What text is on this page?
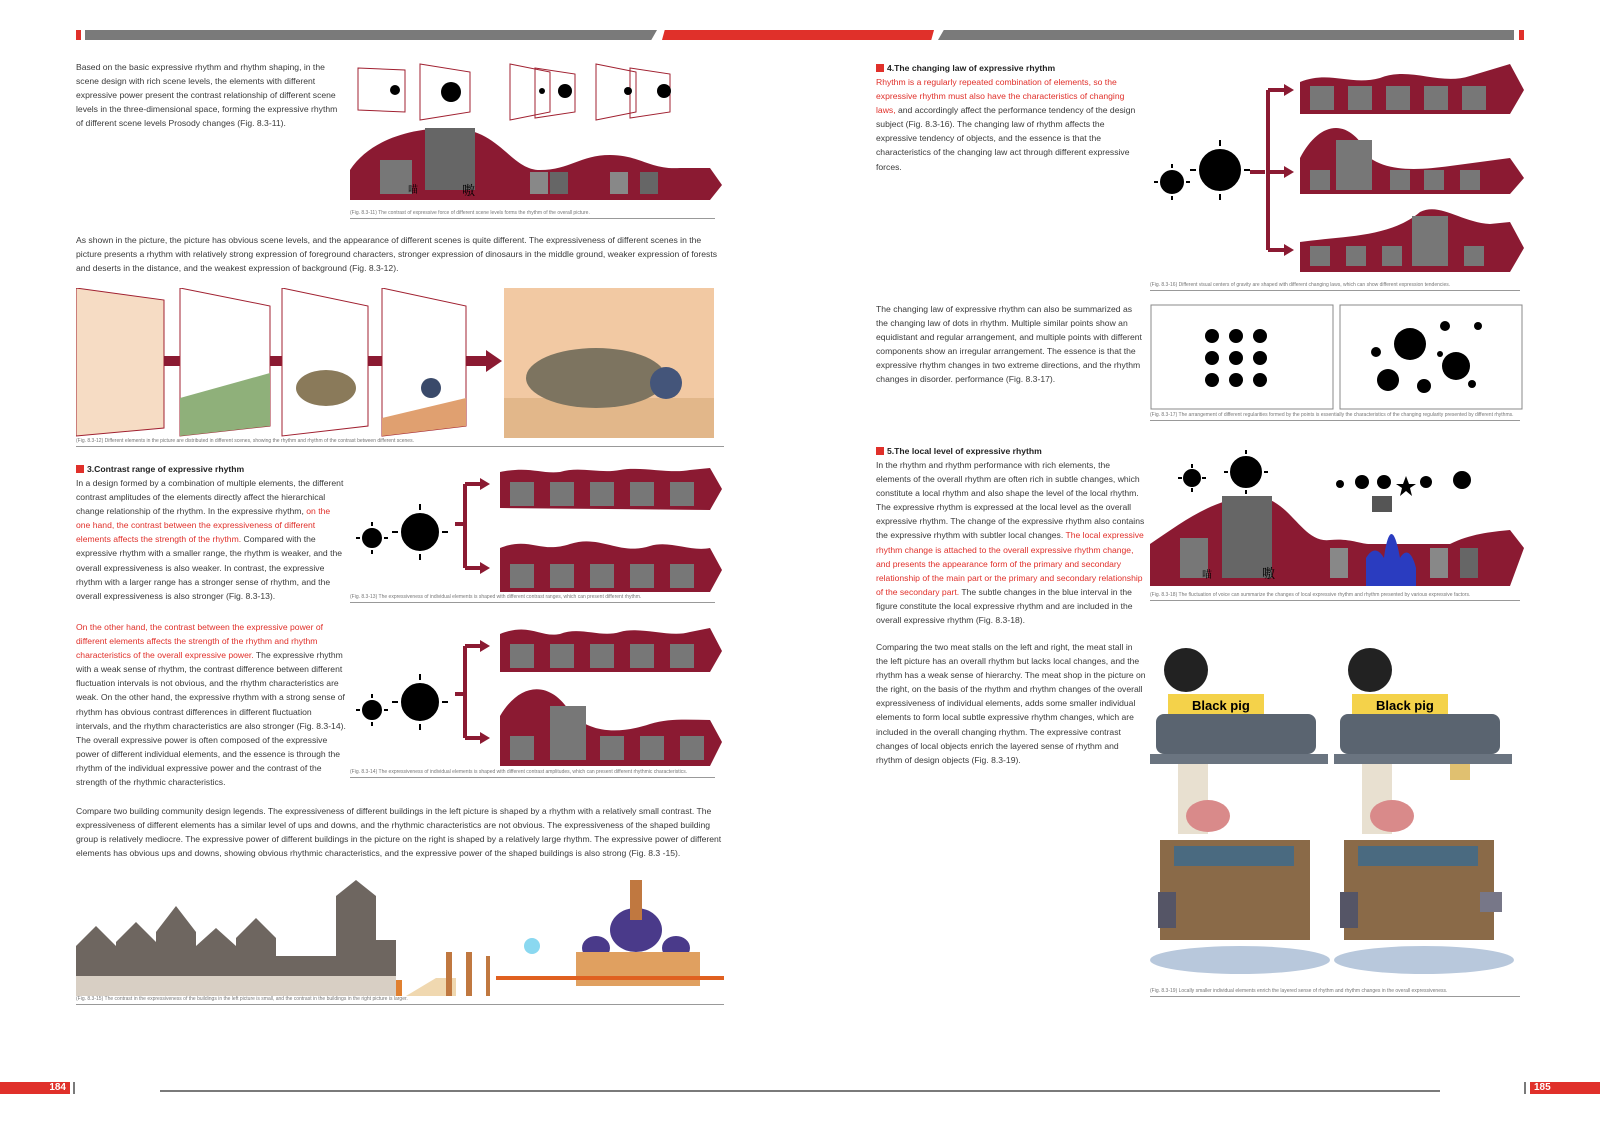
Based on the basic expressive rhythm and rhythm shaping, in the scene design with rich scene levels, the elements with different expressive power present the contrast relationship of different scene levels in the three-dimensional space, forming the expressive rhythm of different scene levels Prosody changes (Fig. 8.3-11).

喵	嗷
(Fig. 8.3-11) The contrast of expressive force of different scene levels forms the rhythm of the overall picture.

As shown in the picture, the picture has obvious scene levels, and the appearance of different scenes is quite different. The expressiveness of different scenes in the picture presents a rhythm with relatively strong expression of foreground characters, stronger expression of dinosaurs in the middle ground, weaker expression of forests and deserts in the distance, and the weakest expression of background (Fig. 8.3-12).

(Fig. 8.3-12) Different elements in the picture are distributed in different scenes, showing the rhythm and rhythm of the contrast between different scenes.
3.Contrast range of expressive rhythm

In a design formed by a combination of multiple elements, the different contrast amplitudes of the elements directly affect the hierarchical change relationship of the rhythm. In the expressive rhythm, on the one hand, the contrast between the expressiveness of different elements affects the strength of the rhythm. Compared with the expressive rhythm with a smaller range, the rhythm is weaker, and the overall expressiveness is also weaker. In contrast, the expressive rhythm with a larger range has a stronger sense of rhythm, and the overall expressiveness is also stronger (Fig. 8.3-13).	(Fig. 8.3-13) The expressiveness of individual elements is shaped with different contrast ranges, which can present different rhythm.

On the other hand, the contrast between the expressive power of different elements affects the strength of the rhythm and rhythm characteristics of the overall expressive power. The expressive rhythm with a weak sense of rhythm, the contrast difference between different fluctuation intervals is not obvious, and the rhythm characteristics are weak. On the other hand, the expressive rhythm with a strong sense of rhythm has obvious contrast differences in different fluctuation intervals, and the rhythm characteristics are also stronger (Fig. 8.3-14). The overall expressive power is often composed of the expressive power of different individual elements, and the essence is through the rhythm of the individual expressive power and the contrast of the strength of the rhythmic characteristics.

(Fig. 8.3-14) The expressiveness of individual elements is shaped with different contrast amplitudes, which can present different rhythmic characteristics.

Compare two building community design legends. The expressiveness of different buildings in the left picture is shaped by a rhythm with a relatively small contrast. The expressiveness of different elements has a similar level of ups and downs, and the rhythmic characteristics are not obvious. The expressiveness of the shaped building group is relatively mediocre. The expressive power of different buildings in the picture on the right is shaped by a relatively large rhythm. The expressive power of different elements has obvious ups and downs, showing obvious rhythmic characteristics, and the expressive power of the shaped buildings is also strong (Fig. 8.3 -15).

(Fig. 8.3-15) The contrast in the expressiveness of the buildings in the left picture is small, and the contrast in the buildings in the right picture is larger.
184
4.The changing law of expressive rhythm

Rhythm is a regularly repeated combination of elements, so the expressive rhythm must also have the characteristics of changing laws, and accordingly affect the performance tendency of the design subject (Fig. 8.3-16). The changing law of rhythm affects the expressive tendency of objects, and the essence is that the characteristics of the changing law act through different expressive forces.

(Fig. 8.3-16) Different visual centers of gravity are shaped with different changing laws, which can show different expression tendencies.

The changing law of expressive rhythm can also be summarized as the changing law of dots in rhythm. Multiple similar points show an equidistant and regular arrangement, and multiple points with different components show an irregular arrangement. The essence is that the expressive rhythm changes in two extreme directions, and the rhythm changes in disorder. performance (Fig. 8.3-17).

(Fig. 8.3-17) The arrangement of different regularities formed by the points is essentially the characteristics of the changing regularity presented by different rhythms.
5.The local level of expressive rhythm

In the rhythm and rhythm performance with rich elements, the elements of the overall rhythm are often rich in subtle changes, which constitute a local rhythm and also shape the level of the local rhythm. The expressive rhythm is expressed at the local level as the overall expressive rhythm. The change of the expressive rhythm also contains the expressive rhythm with subtler local changes. The local expressive rhythm change is attached to the overall expressive rhythm change, and presents the appearance form of the primary and secondary relationship of the main part or the primary and secondary relationship of the secondary part. The subtle changes in the blue interval in the figure constitute the local expressive rhythm and are included in the overall expressive rhythm (Fig. 8.3-18).

喵	嗷
(Fig. 8.3-18) The fluctuation of voice can summarize the changes of local expressive rhythm and rhythm presented by various expressive factors.

Comparing the two meat stalls on the left and right, the meat stall in the left picture has an overall rhythm but lacks local changes, and the rhythm has a weak sense of hierarchy. The meat shop in the picture on the right, on the basis of the rhythm and rhythm changes of the overall expressiveness of individual elements, adds some smaller individual elements to form local subtle expressive rhythm changes, which are included in the overall changing rhythm. The expressive contrast changes of local objects enrich the layered sense of rhythm and rhythm of design objects (Fig. 8.3-19).

Black pig	Black pig
(Fig. 8.3-19) Locally smaller individual elements enrich the layered sense of rhythm and rhythm changes in the overall expressiveness.
185
